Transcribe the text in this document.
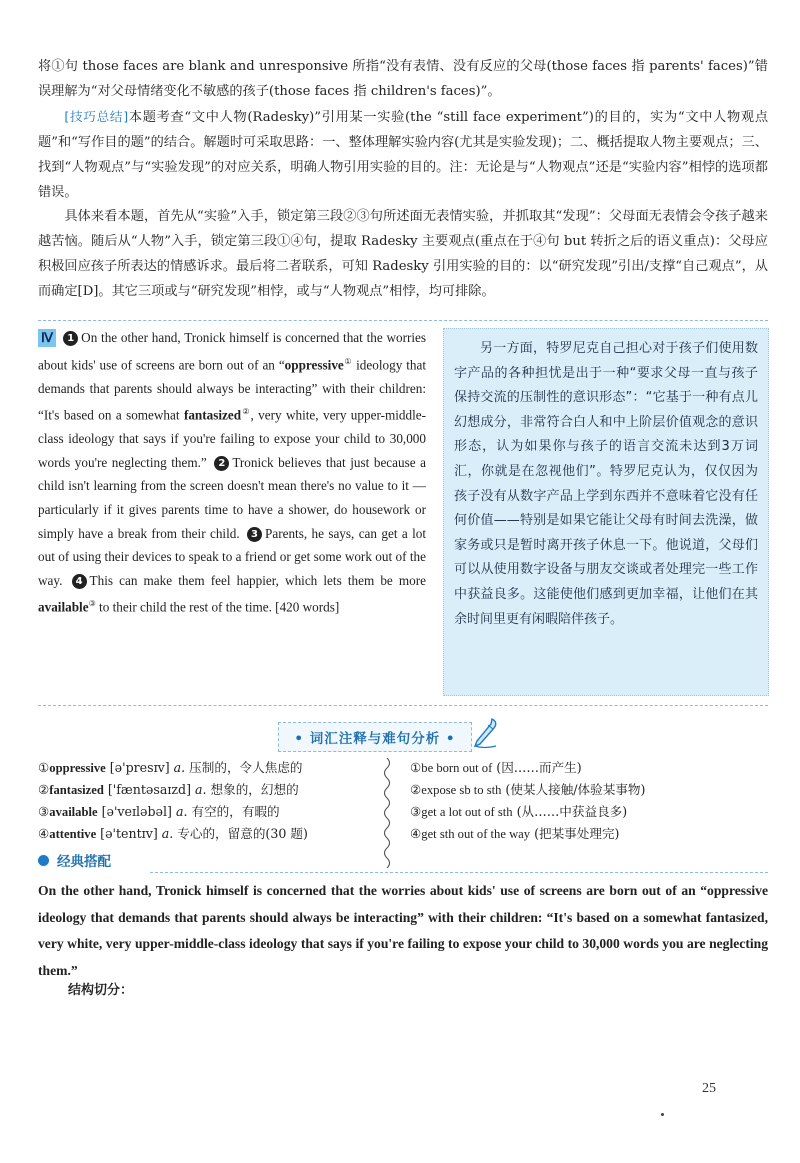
将①句 those faces are blank and unresponsive 所指“没有表情、没有反应的父母(those faces 指 parents' faces)”错误理解为“对父母情绪变化不敏感的孩子(those faces 指 children's faces)”。
[技巧总结]本题考查“文中人物(Radesky)”引用某一实验(the “still face experiment”)的目的，实为“文中人物观点题”和“写作目的题”的结合。解题时可采取思路：一、整体理解实验内容(尤其是实验发现)；二、概括提取人物主要观点；三、找到“人物观点”与“实验发现”的对应关系，明确人物引用实验的目的。注：无论是与“人物观点”还是“实验内容”相悖的选项都错误。
具体来看本题，首先从“实验”入手，锁定第三段②③句所述面无表情实验，并抓取其“发现”：父母面无表情会令孩子越来越苦恼。随后从“人物”入手，锁定第三段①④句，提取 Radesky 主要观点(重点在于④句 but 转折之后的语义重点)：父母应积极回应孩子所表达的情感诉求。最后将二者联系，可知 Radesky 引用实验的目的：以“研究发现”引出/支撑“自己观点”，从而确定[D]。其它三项或与“研究发现”相悖，或与“人物观点”相悖，均可排除。
Ⅳ 1 On the other hand, Tronick himself is concerned that the worries about kids' use of screens are born out of an “oppressive① ideology that demands that parents should always be interacting” with their children: “It's based on a somewhat fantasized②, very white, very upper-middle-class ideology that says if you're failing to expose your child to 30,000 words you're neglecting them.” 2 Tronick believes that just because a child isn't learning from the screen doesn't mean there's no value to it — particularly if it gives parents time to have a shower, do housework or simply have a break from their child. 3 Parents, he says, can get a lot out of using their devices to speak to a friend or get some work out of the way. 4 This can make them feel happier, which lets them be more available③ to their child the rest of the time. [420 words]
另一方面，特罗尼克自己担心对于孩子们使用数字产品的各种担忧是出于一种“要求父母一直与孩子保持交流的压制性的意识形态”：“它基于一种有点儿幻想成分，非常符合白人和中上阶层价值观念的意识形态，认为如果你与孩子的语言交流未达到3万词汇，你就是在忽视他们”。特罗尼克认为，仅仅因为孩子没有从数字产品上学到东西并不意味着它没有任何价值——特别是如果它能让父母有时间去洗澡，做家务或只是暂时离开孩子休息一下。他说道，父母们可以从使用数字设备与朋友交谈或者处理完一些工作中获益良多。这能使他们感到更加幸福，让他们在其余时间里更有闲暇陪伴孩子。
• 词汇注释与难句分析 •
①oppressive [ə'presɪv] a. 压制的，令人焦虑的
②fantasized ['fæntəsaɪzd] a. 想象的，幻想的
③available [ə'veɪləbəl] a. 有空的，有暇的
④attentive [ə'tentɪv] a. 专心的，留意的(30 题)
①be born out of (因……而产生)
②expose sb to sth (使某人接触/体验某事物)
③get a lot out of sth (从……中获益良多)
④get sth out of the way (把某事处理完)
经典搭配
On the other hand, Tronick himself is concerned that the worries about kids' use of screens are born out of an “oppressive ideology that demands that parents should always be interacting” with their children: “It's based on a somewhat fantasized, very white, very upper-middle-class ideology that says if you're failing to expose your child to 30,000 words you are neglecting them.”
结构切分：
25
